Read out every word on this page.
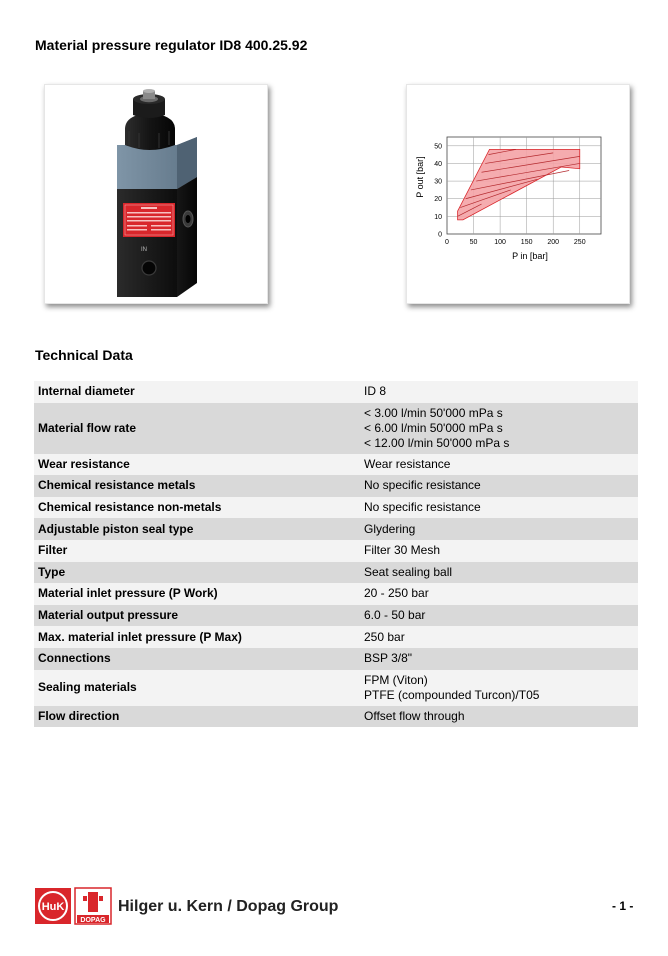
Material pressure regulator ID8 400.25.92
IN
0	50 100 150 200 250
0
10
20
30
40
50
P in [bar]
P out [bar]
Technical Data
Internal diameter	ID 8

Material flow rate	< 3.00 l/min 50'000 mPa s
< 6.00 l/min 50'000 mPa s
< 12.00 l/min 50'000 mPa s

Wear resistance	Wear resistance

Chemical resistance metals	No specific resistance

Chemical resistance non-metals	No specific resistance

Adjustable piston seal type	Glydering

Filter	Filter 30 Mesh

Type	Seat sealing ball

Material inlet pressure (P Work)	20 - 250 bar

Material output pressure	6.0 - 50 bar

Max. material inlet pressure (P Max)	250 bar

Connections	BSP 3/8"

Sealing materials	FPM (Viton)
PTFE (compounded Turcon)/T05

Flow direction	Offset flow through
HuK
DOPAG
Hilger u. Kern / Dopag Group	- 1 -
